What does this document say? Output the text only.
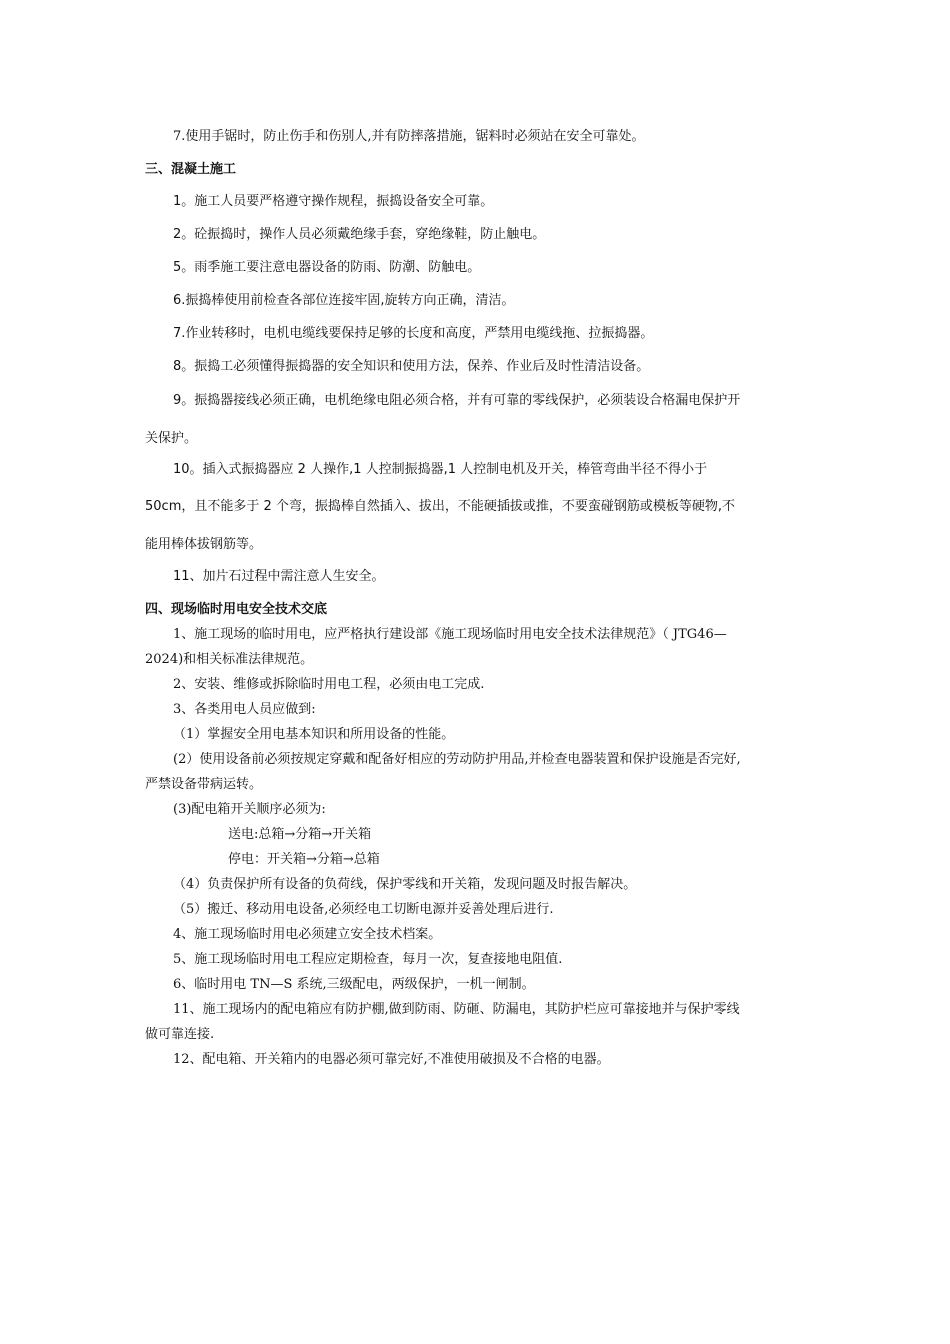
7.使用手锯时，防止伤手和伤别人,并有防摔落措施，锯料时必须站在安全可靠处。
三、混凝土施工
1。施工人员要严格遵守操作规程，振捣设备安全可靠。
2。砼振捣时，操作人员必须戴绝缘手套，穿绝缘鞋，防止触电。
5。雨季施工要注意电器设备的防雨、防潮、防触电。
6.振捣棒使用前检查各部位连接牢固,旋转方向正确，清洁。
7.作业转移时，电机电缆线要保持足够的长度和高度，严禁用电缆线拖、拉振捣器。
8。振捣工必须懂得振捣器的安全知识和使用方法，保养、作业后及时性清洁设备。
9。振捣器接线必须正确，电机绝缘电阻必须合格，并有可靠的零线保护，必须装设合格漏电保护开
关保护。
10。插入式振捣器应 2 人操作,1 人控制振捣器,1 人控制电机及开关，棒管弯曲半径不得小于
50cm，且不能多于 2 个弯，振捣棒自然插入、拔出，不能硬插拔或推，不要蛮碰钢筋或模板等硬物,不
能用棒体拔钢筋等。
11、加片石过程中需注意人生安全。
四、现场临时用电安全技术交底
1、施工现场的临时用电，应严格执行建设部《施工现场临时用电安全技术法律规范》（ JTG46—
2024)和相关标准法律规范。
2、安装、维修或拆除临时用电工程，必须由电工完成.
3、各类用电人员应做到:
（1）掌握安全用电基本知识和所用设备的性能。
(2）使用设备前必须按规定穿戴和配备好相应的劳动防护用品,并检查电器装置和保护设施是否完好,
严禁设备带病运转。
(3)配电箱开关顺序必须为:
送电:总箱→分箱→开关箱
停电：开关箱→分箱→总箱
（4）负责保护所有设备的负荷线，保护零线和开关箱，发现问题及时报告解决。
（5）搬迁、移动用电设备,必须经电工切断电源并妥善处理后进行.
4、施工现场临时用电必须建立安全技术档案。
5、施工现场临时用电工程应定期检查，每月一次，复查接地电阻值.
6、临时用电 TN—S 系统,三级配电，两级保护，一机一闸制。
11、施工现场内的配电箱应有防护棚,做到防雨、防砸、防漏电，其防护栏应可靠接地并与保护零线
做可靠连接.
12、配电箱、开关箱内的电器必须可靠完好,不准使用破损及不合格的电器。
